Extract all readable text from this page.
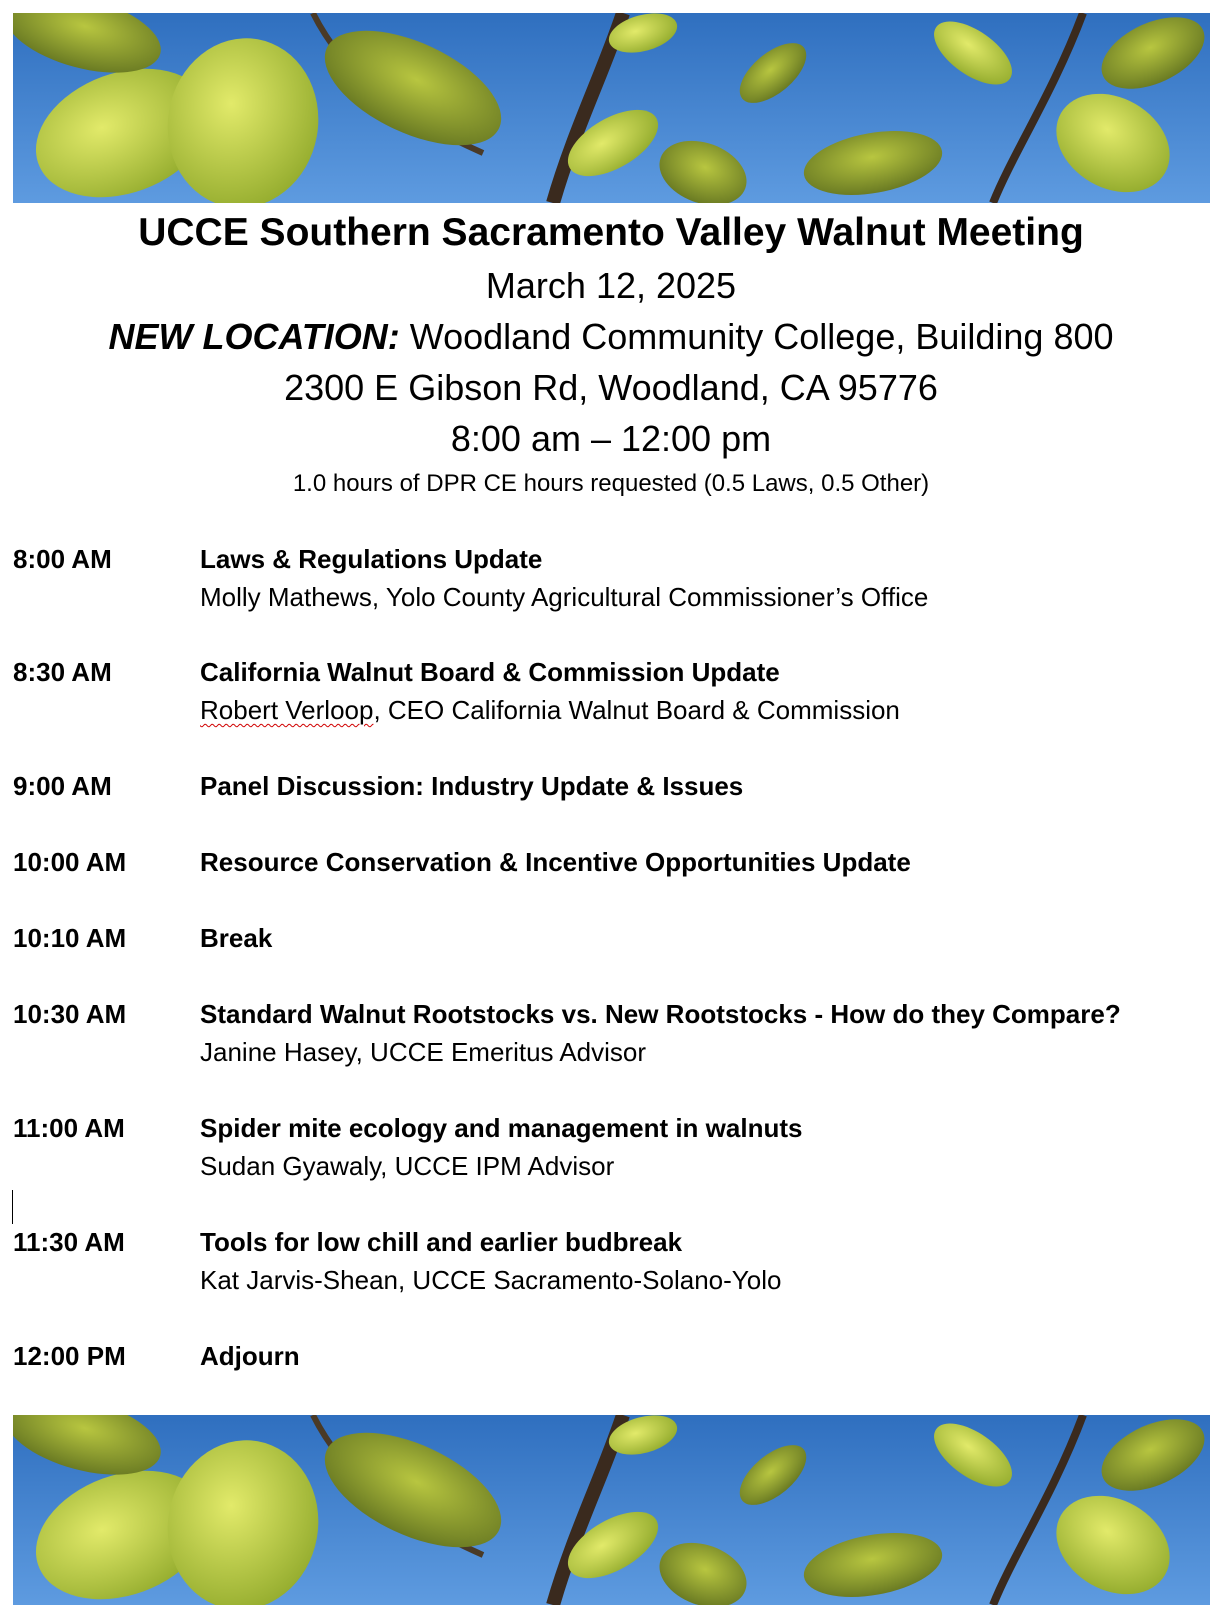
UCCE Southern Sacramento Valley Walnut Meeting
March 12, 2025
NEW LOCATION: Woodland Community College, Building 800
2300 E Gibson Rd, Woodland, CA 95776
8:00 am – 12:00 pm
1.0 hours of DPR CE hours requested (0.5 Laws, 0.5 Other)
8:00 AM	Laws & Regulations Update
Molly Mathews, Yolo County Agricultural Commissioner’s Office
8:30 AM	California Walnut Board & Commission Update
Robert Verloop, CEO California Walnut Board & Commission
9:00 AM	Panel Discussion: Industry Update & Issues
10:00 AM	Resource Conservation & Incentive Opportunities Update
10:10 AM	Break
10:30 AM	Standard Walnut Rootstocks vs. New Rootstocks - How do they Compare?
Janine Hasey, UCCE Emeritus Advisor
11:00 AM	Spider mite ecology and management in walnuts
Sudan Gyawaly, UCCE IPM Advisor
11:30 AM	Tools for low chill and earlier budbreak
Kat Jarvis-Shean, UCCE Sacramento-Solano-Yolo
12:00 PM	Adjourn
